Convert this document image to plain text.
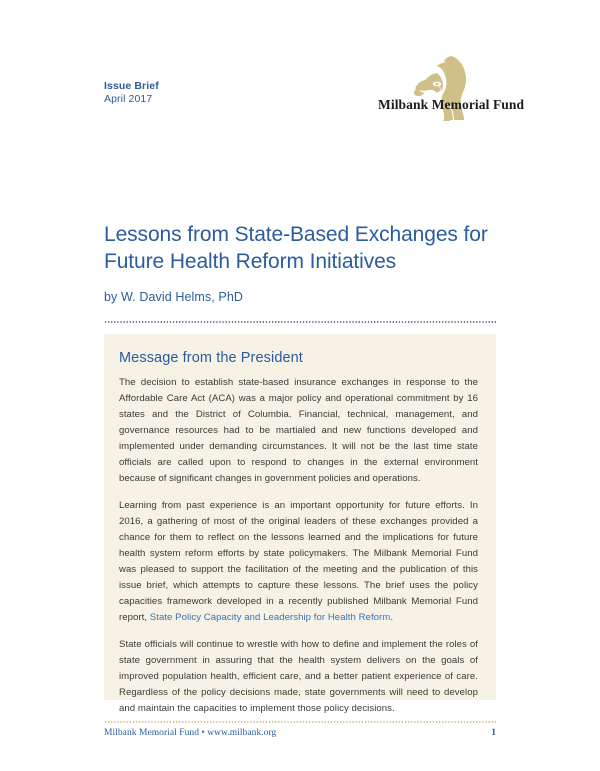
Issue Brief
April 2017	Milbank Memorial Fund
Lessons from State-Based Exchanges for Future Health Reform Initiatives

by W. David Helms, PhD

Message from the President

The decision to establish state-based insurance exchanges in response to the Affordable Care Act (ACA) was a major policy and operational commitment by 16 states and the District of Columbia. Financial, technical, management, and governance resources had to be martialed and new functions developed and implemented under demanding circumstances. It will not be the last time state officials are called upon to respond to changes in the external environment because of significant changes in government policies and operations.

Learning from past experience is an important opportunity for future efforts. In 2016, a gathering of most of the original leaders of these exchanges provided a chance for them to reflect on the lessons learned and the implications for future health system reform efforts by state policymakers. The Milbank Memorial Fund was pleased to support the facilitation of the meeting and the publication of this issue brief, which attempts to capture these lessons. The brief uses the policy capacities framework developed in a recently published Milbank Memorial Fund report, State Policy Capacity and Leadership for Health Reform.

State officials will continue to wrestle with how to define and implement the roles of state government in assuring that the health system delivers on the goals of improved population health, efficient care, and a better patient experience of care. Regardless of the policy decisions made, state governments will need to develop and maintain the capacities to implement those policy decisions.

Milbank Memorial Fund • www.milbank.org	1
